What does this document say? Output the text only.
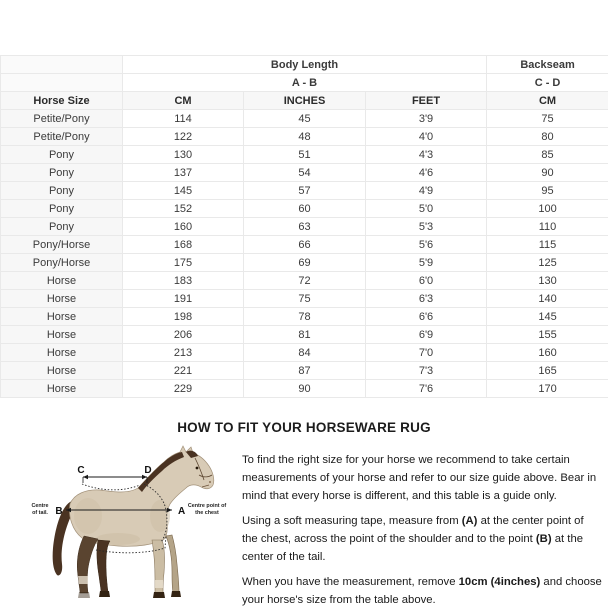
	Body Length			Backseam
	A - B			C - D
Horse Size	CM	INCHES	FEET	CM
Petite/Pony	114	45	3'9	75
Petite/Pony	122	48	4'0	80
Pony	130	51	4'3	85
Pony	137	54	4'6	90
Pony	145	57	4'9	95
Pony	152	60	5'0	100
Pony	160	63	5'3	110
Pony/Horse	168	66	5'6	115
Pony/Horse	175	69	5'9	125
Horse	183	72	6'0	130
Horse	191	75	6'3	140
Horse	198	78	6'6	145
Horse	206	81	6'9	155
Horse	213	84	7'0	160
Horse	221	87	7'3	165
Horse	229	90	7'6	170
HOW TO FIT YOUR HORSEWARE RUG
C	D
B	A
Centre
of tail.
Centre point of
the chest

To find the right size for your horse we recommend to take certain measurements of your horse and refer to our size guide above. Bear in mind that every horse is different, and this table is a guide only.

Using a soft measuring tape, measure from (A) at the center point of the chest, across the point of the shoulder and to the point (B) at the center of the tail.

When you have the measurement, remove 10cm (4inches) and choose your horse's size from the table above.
